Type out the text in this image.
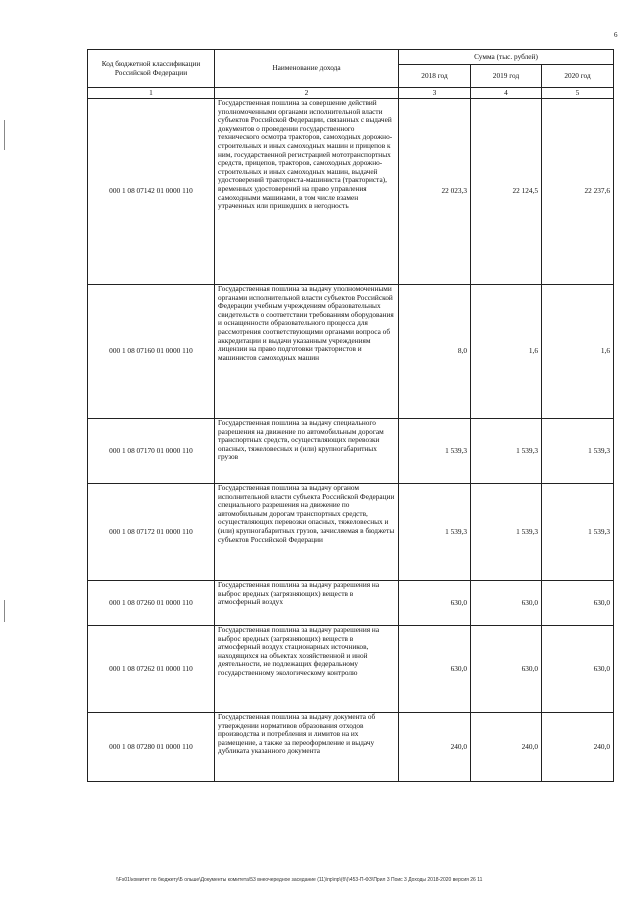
6
Код бюджетной классификации Российской Федерации	Наименование дохода	Сумма (тыс. рублей)		
		2018 год	2019 год	2020 год
1	2	3	4	5
000 1 08 07142 01 0000 110	Государственная пошлина за совершение действий уполномоченными органами исполнительной власти субъектов Российской Федерации, связанных с выдачей документов о проведении государственного технического осмотра тракторов, самоходных дорожно-строительных и иных самоходных машин и прицепов к ним, государственной регистрацией мототранспортных средств, прицепов, тракторов, самоходных дорожно-строительных и иных самоходных машин, выдачей удостоверений тракториста-машиниста (тракториста), временных удостоверений на право управления самоходными машинами, в том числе взамен утраченных или пришедших в негодность	22 023,3	22 124,5	22 237,6
000 1 08 07160 01 0000 110	Государственная пошлина за выдачу уполномоченными органами исполнительной власти субъектов Российской Федерации учебным учреждениям образовательных свидетельств о соответствии требованиям оборудования и оснащенности образовательного процесса для рассмотрения соответствующими органами вопроса об аккредитации и выдачи указанным учреждениям лицензии на право подготовки трактористов и машинистов самоходных машин	8,0	1,6	1,6
000 1 08 07170 01 0000 110	Государственная пошлина за выдачу специального разрешения на движение по автомобильным дорогам транспортных средств, осуществляющих перевозки опасных, тяжеловесных и (или) крупногабаритных грузов	1 539,3	1 539,3	1 539,3
000 1 08 07172 01 0000 110	Государственная пошлина за выдачу органом исполнительной власти субъекта Российской Федерации специального разрешения на движение по автомобильным дорогам транспортных средств, осуществляющих перевозки опасных, тяжеловесных и (или) крупногабаритных грузов, зачисляемая в бюджеты субъектов Российской Федерации	1 539,3	1 539,3	1 539,3
000 1 08 07260 01 0000 110	Государственная пошлина за выдачу разрешения на выброс вредных (загрязняющих) веществ в атмосферный воздух	630,0	630,0	630,0
000 1 08 07262 01 0000 110	Государственная пошлина за выдачу разрешения на выброс вредных (загрязняющих) веществ в атмосферный воздух стационарных источников, находящихся на объектах хозяйственной и иной деятельности, не подлежащих федеральному государственному экологическому контролю	630,0	630,0	630,0
000 1 08 07280 01 0000 110	Государственная пошлина за выдачу документа об утверждении нормативов образования отходов производства и потребления и лимитов на их размещение, а также за переоформление и выдачу дубликата указанного документа	240,0	240,0	240,0
\\Fs01\комитет по бюджету\Б ольше\Документы комитета\53 внеочередное заседание (11)\пр\пр\(б\)\453-П-ФЗ\Прил 3 Поис 3 Доходы 2018-2020 версия 26 11
